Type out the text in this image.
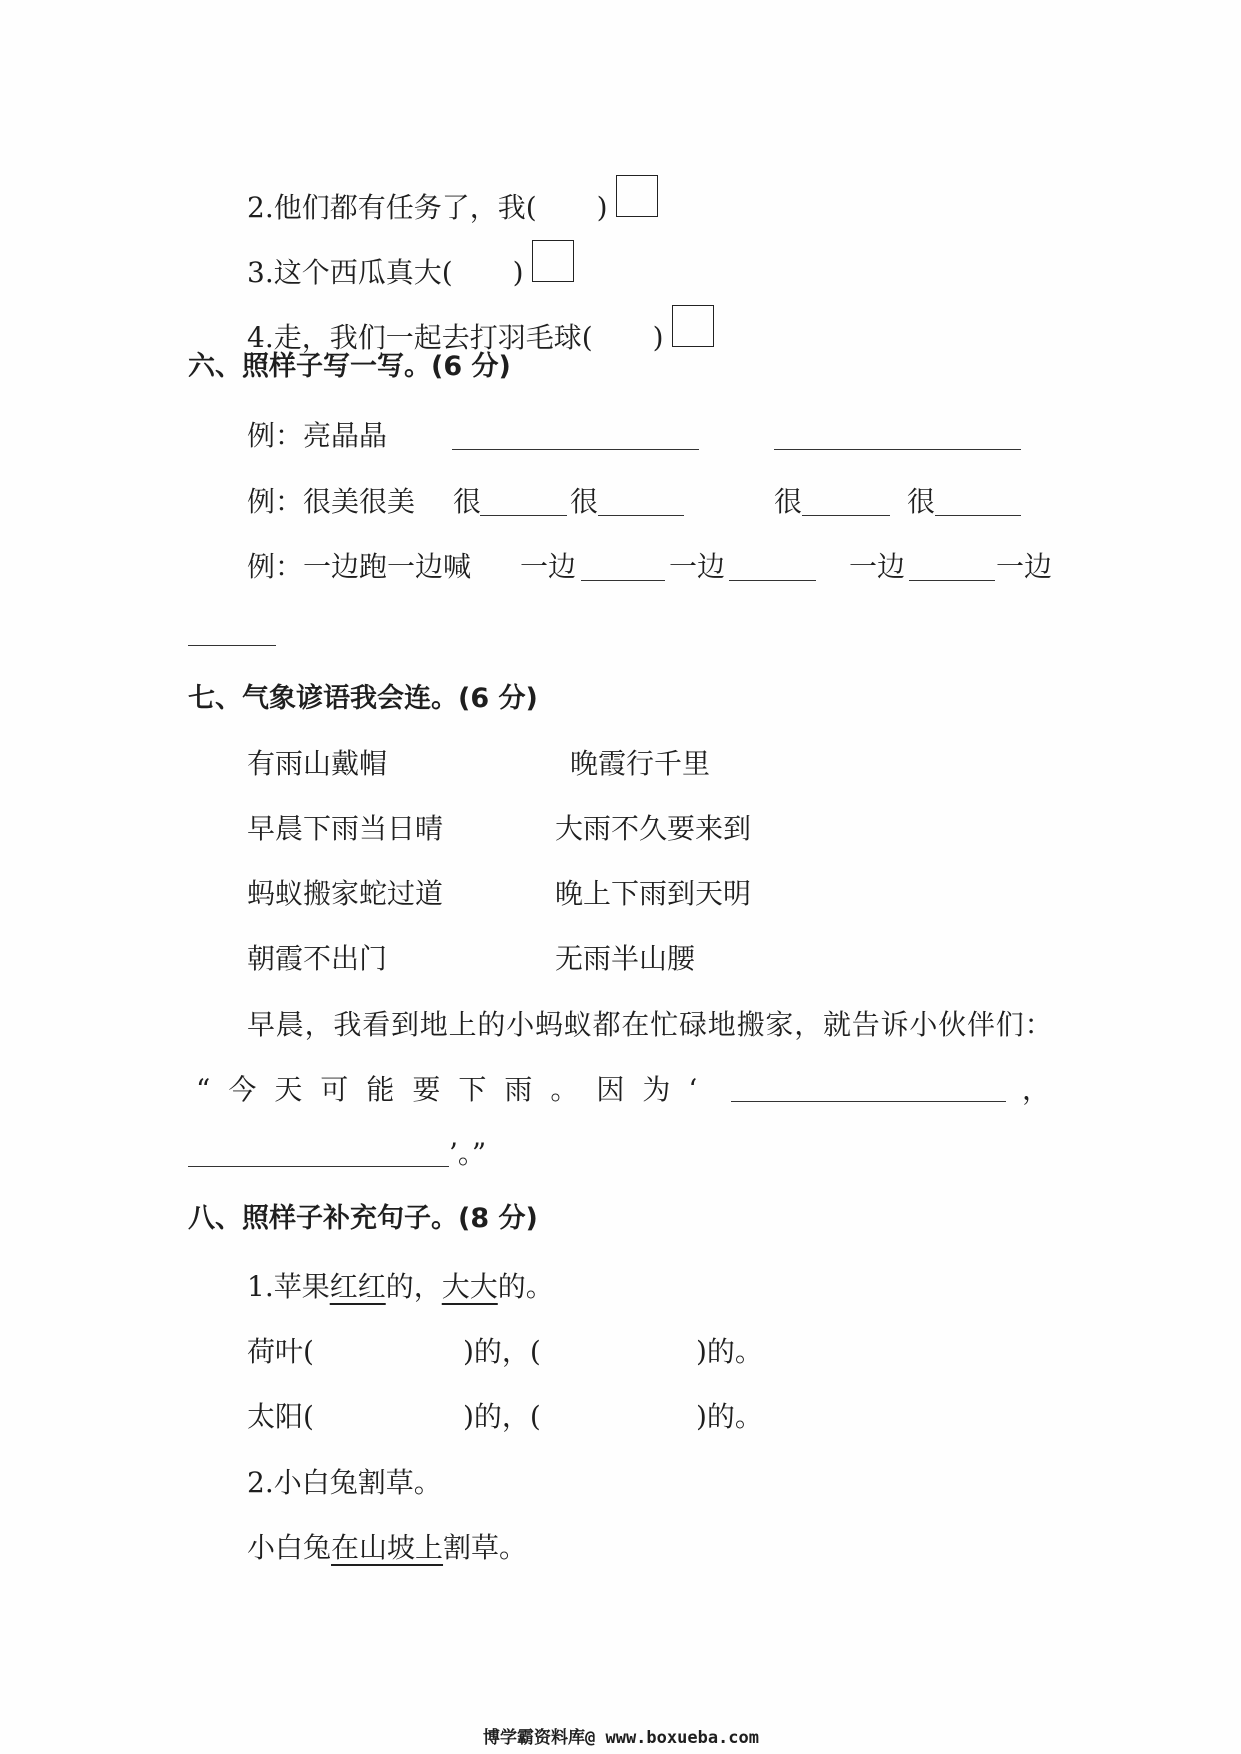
2.他们都有任务了，我( )
3.这个西瓜真大( )
4.走，我们一起去打羽毛球( )
六、照样子写一写。(6 分)
例：亮晶晶
例：很美很美 很	很	很	很
例：一边跑一边喊 一边	一边	一边	一边
七、气象谚语我会连。(6 分)
有雨山戴帽	晚霞行千里
早晨下雨当日晴	大雨不久要来到
蚂蚁搬家蛇过道	晚上下雨到天明
朝霞不出门	无雨半山腰
早晨，我看到地上的小蚂蚁都在忙碌地搬家，就告诉小伙伴们：
“今天可能要下雨。因为‘	，
’。”
八、照样子补充句子。(8 分)
1.苹果红红的，大大的。
荷叶(	)的，(	)的。
太阳(	)的，(	)的。
2.小白兔割草。
小白兔在山坡上割草。
博学霸资料库@ www.boxueba.com
